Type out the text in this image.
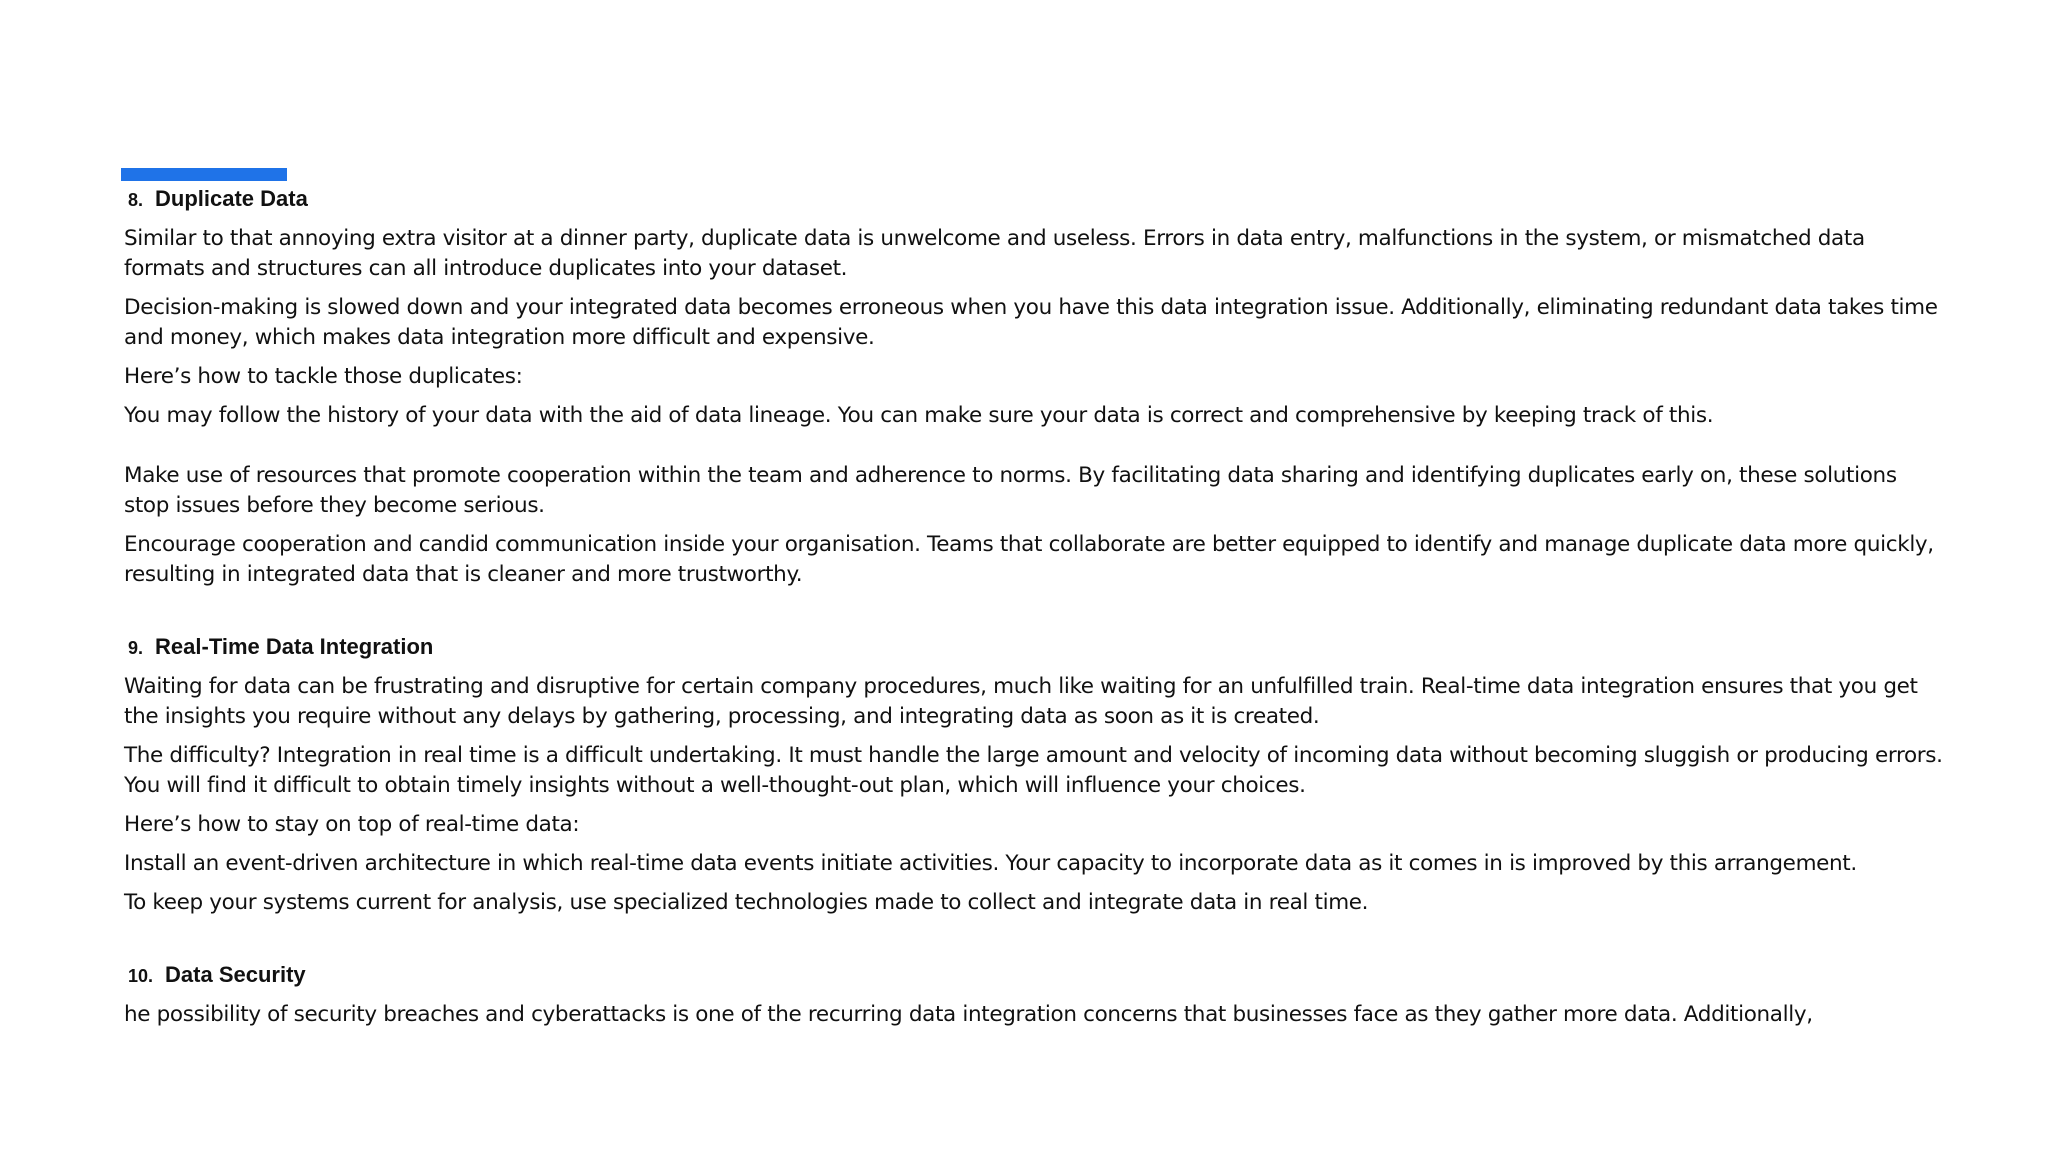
8. Duplicate Data

Similar to that annoying extra visitor at a dinner party, duplicate data is unwelcome and useless. Errors in data entry, malfunctions in the system, or mismatched data formats and structures can all introduce duplicates into your dataset.

Decision-making is slowed down and your integrated data becomes erroneous when you have this data integration issue. Additionally, eliminating redundant data takes time and money, which makes data integration more difficult and expensive.

Here’s how to tackle those duplicates:

You may follow the history of your data with the aid of data lineage. You can make sure your data is correct and comprehensive by keeping track of this.

Make use of resources that promote cooperation within the team and adherence to norms. By facilitating data sharing and identifying duplicates early on, these solutions stop issues before they become serious.

Encourage cooperation and candid communication inside your organisation. Teams that collaborate are better equipped to identify and manage duplicate data more quickly, resulting in integrated data that is cleaner and more trustworthy.

9. Real-Time Data Integration

Waiting for data can be frustrating and disruptive for certain company procedures, much like waiting for an unfulfilled train. Real-time data integration ensures that you get the insights you require without any delays by gathering, processing, and integrating data as soon as it is created.

The difficulty? Integration in real time is a difficult undertaking. It must handle the large amount and velocity of incoming data without becoming sluggish or producing errors. You will find it difficult to obtain timely insights without a well-thought-out plan, which will influence your choices.

Here’s how to stay on top of real-time data:

Install an event-driven architecture in which real-time data events initiate activities. Your capacity to incorporate data as it comes in is improved by this arrangement.

To keep your systems current for analysis, use specialized technologies made to collect and integrate data in real time.

10. Data Security

he possibility of security breaches and cyberattacks is one of the recurring data integration concerns that businesses face as they gather more data. Additionally,
